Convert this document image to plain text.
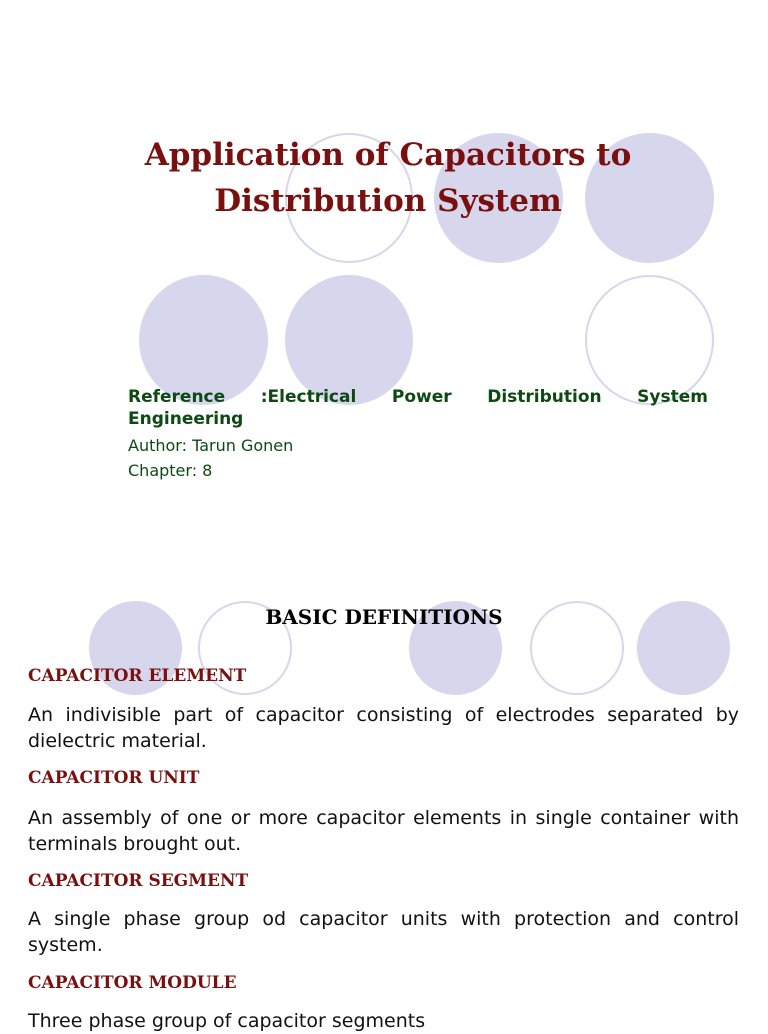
Application of Capacitors to Distribution System
Reference :Electrical Power Distribution System Engineering
Author: Tarun Gonen
Chapter: 8
BASIC DEFINITIONS
CAPACITOR ELEMENT

An indivisible part of capacitor consisting of electrodes separated by dielectric material.

CAPACITOR UNIT

An assembly of one or more capacitor elements in single container with terminals brought out.

CAPACITOR SEGMENT

A single phase group od capacitor units with protection and control system.

CAPACITOR MODULE

Three phase group of capacitor segments
